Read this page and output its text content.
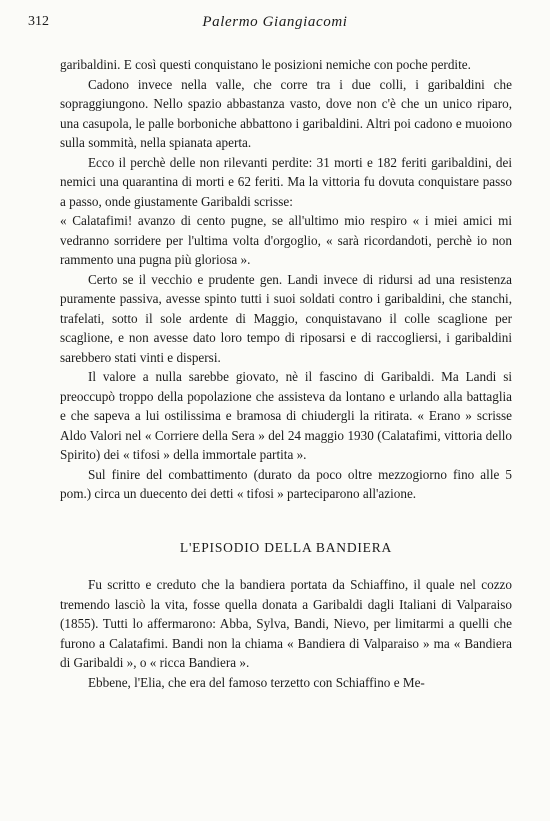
312	Palermo Giangiacomi

garibaldini. E così questi conquistano le posizioni nemiche con poche perdite.

Cadono invece nella valle, che corre tra i due colli, i garibaldini che sopraggiungono. Nello spazio abbastanza vasto, dove non c'è che un unico riparo, una casupola, le palle borboniche abbattono i garibaldini. Altri poi cadono e muoiono sulla sommità, nella spianata aperta.

Ecco il perchè delle non rilevanti perdite: 31 morti e 182 feriti garibaldini, dei nemici una quarantina di morti e 62 feriti. Ma la vittoria fu dovuta conquistare passo a passo, onde giustamente Garibaldi scrisse:

« Calatafimi! avanzo di cento pugne, se all'ultimo mio respiro « i miei amici mi vedranno sorridere per l'ultima volta d'orgoglio, « sarà ricordandoti, perchè io non rammento una pugna più gloriosa ».

Certo se il vecchio e prudente gen. Landi invece di ridursi ad una resistenza puramente passiva, avesse spinto tutti i suoi soldati contro i garibaldini, che stanchi, trafelati, sotto il sole ardente di Maggio, conquistavano il colle scaglione per scaglione, e non avesse dato loro tempo di riposarsi e di raccogliersi, i garibaldini sarebbero stati vinti e dispersi.

Il valore a nulla sarebbe giovato, nè il fascino di Garibaldi. Ma Landi si preoccupò troppo della popolazione che assisteva da lontano e urlando alla battaglia e che sapeva a lui ostilissima e bramosa di chiudergli la ritirata. « Erano » scrisse Aldo Valori nel « Corriere della Sera » del 24 maggio 1930 (Calatafimi, vittoria dello Spirito) dei « tifosi » della immortale partita ».

Sul finire del combattimento (durato da poco oltre mezzogiorno fino alle 5 pom.) circa un duecento dei detti « tifosi » parteciparono all'azione.

L'EPISODIO DELLA BANDIERA

Fu scritto e creduto che la bandiera portata da Schiaffino, il quale nel cozzo tremendo lasciò la vita, fosse quella donata a Garibaldi dagli Italiani di Valparaiso (1855). Tutti lo affermarono: Abba, Sylva, Bandi, Nievo, per limitarmi a quelli che furono a Calatafimi. Bandi non la chiama « Bandiera di Valparaiso » ma « Bandiera di Garibaldi », o « ricca Bandiera ».

Ebbene, l'Elia, che era del famoso terzetto con Schiaffino e Me-
